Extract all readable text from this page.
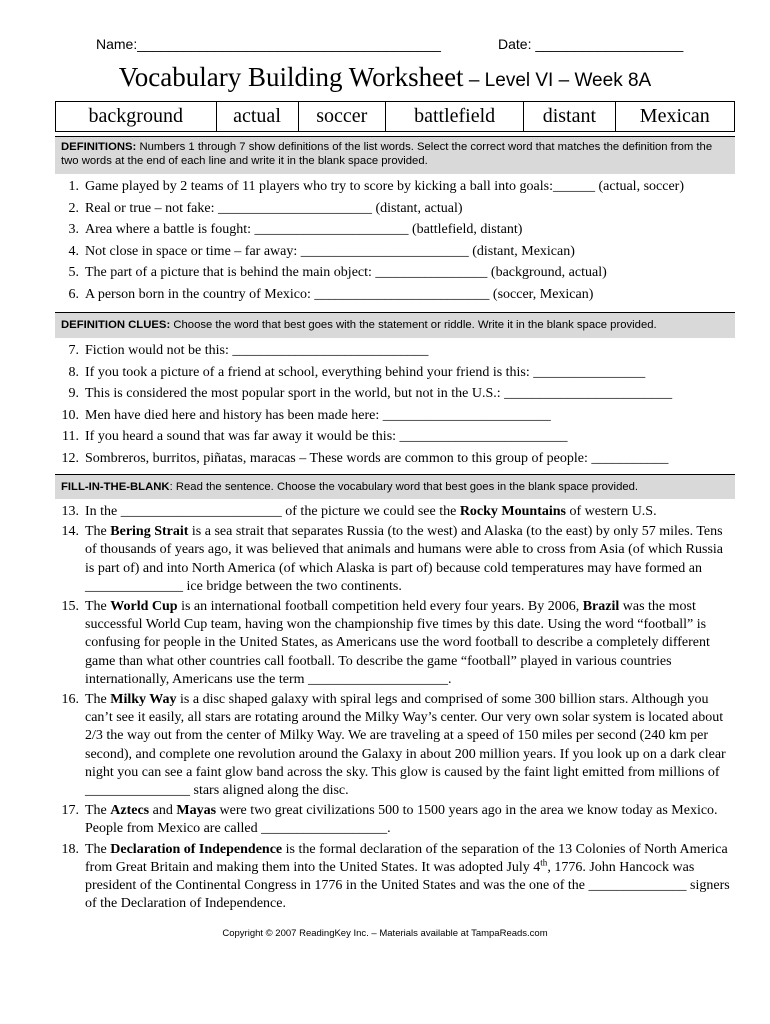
Name:_______________________________________	Date: ___________________
Vocabulary Building Worksheet – Level VI – Week 8A
background	actual	soccer	battlefield	distant	Mexican
DEFINITIONS: Numbers 1 through 7 show definitions of the list words. Select the correct word that matches the definition from the two words at the end of each line and write it in the blank space provided.
1. Game played by 2 teams of 11 players who try to score by kicking a ball into goals:______ (actual, soccer)
2. Real or true – not fake: ______________________ (distant, actual)
3. Area where a battle is fought: ______________________ (battlefield, distant)
4. Not close in space or time – far away: ________________________ (distant, Mexican)
5. The part of a picture that is behind the main object: ________________ (background, actual)
6. A person born in the country of Mexico: _________________________ (soccer, Mexican)
DEFINITION CLUES: Choose the word that best goes with the statement or riddle. Write it in the blank space provided.
7. Fiction would not be this: ____________________________
8. If you took a picture of a friend at school, everything behind your friend is this: ________________
9. This is considered the most popular sport in the world, but not in the U.S.: ________________________
10. Men have died here and history has been made here: ________________________
11. If you heard a sound that was far away it would be this: ________________________
12. Sombreros, burritos, piñatas, maracas – These words are common to this group of people: ___________
FILL-IN-THE-BLANK: Read the sentence. Choose the vocabulary word that best goes in the blank space provided.
13. In the _______________________ of the picture we could see the Rocky Mountains of western U.S.
14. The Bering Strait is a sea strait that separates Russia (to the west) and Alaska (to the east) by only 57 miles. Tens of thousands of years ago, it was believed that animals and humans were able to cross from Asia (of which Russia is part of) and into North America (of which Alaska is part of) because cold temperatures may have formed an ______________ ice bridge between the two continents.
15. The World Cup is an international football competition held every four years. By 2006, Brazil was the most successful World Cup team, having won the championship five times by this date. Using the word “football” is confusing for people in the United States, as Americans use the word football to describe a completely different game than what other countries call football. To describe the game “football” played in various countries internationally, Americans use the term ____________________.
16. The Milky Way is a disc shaped galaxy with spiral legs and comprised of some 300 billion stars. Although you can’t see it easily, all stars are rotating around the Milky Way’s center. Our very own solar system is located about 2/3 the way out from the center of Milky Way. We are traveling at a speed of 150 miles per second (240 km per second), and complete one revolution around the Galaxy in about 200 million years. If you look up on a dark clear night you can see a faint glow band across the sky. This glow is caused by the faint light emitted from millions of _______________ stars aligned along the disc.
17. The Aztecs and Mayas were two great civilizations 500 to 1500 years ago in the area we know today as Mexico. People from Mexico are called __________________.
18. The Declaration of Independence is the formal declaration of the separation of the 13 Colonies of North America from Great Britain and making them into the United States. It was adopted July 4th, 1776. John Hancock was president of the Continental Congress in 1776 in the United States and was the one of the ______________ signers of the Declaration of Independence.
Copyright © 2007 ReadingKey Inc. – Materials available at TampaReads.com
